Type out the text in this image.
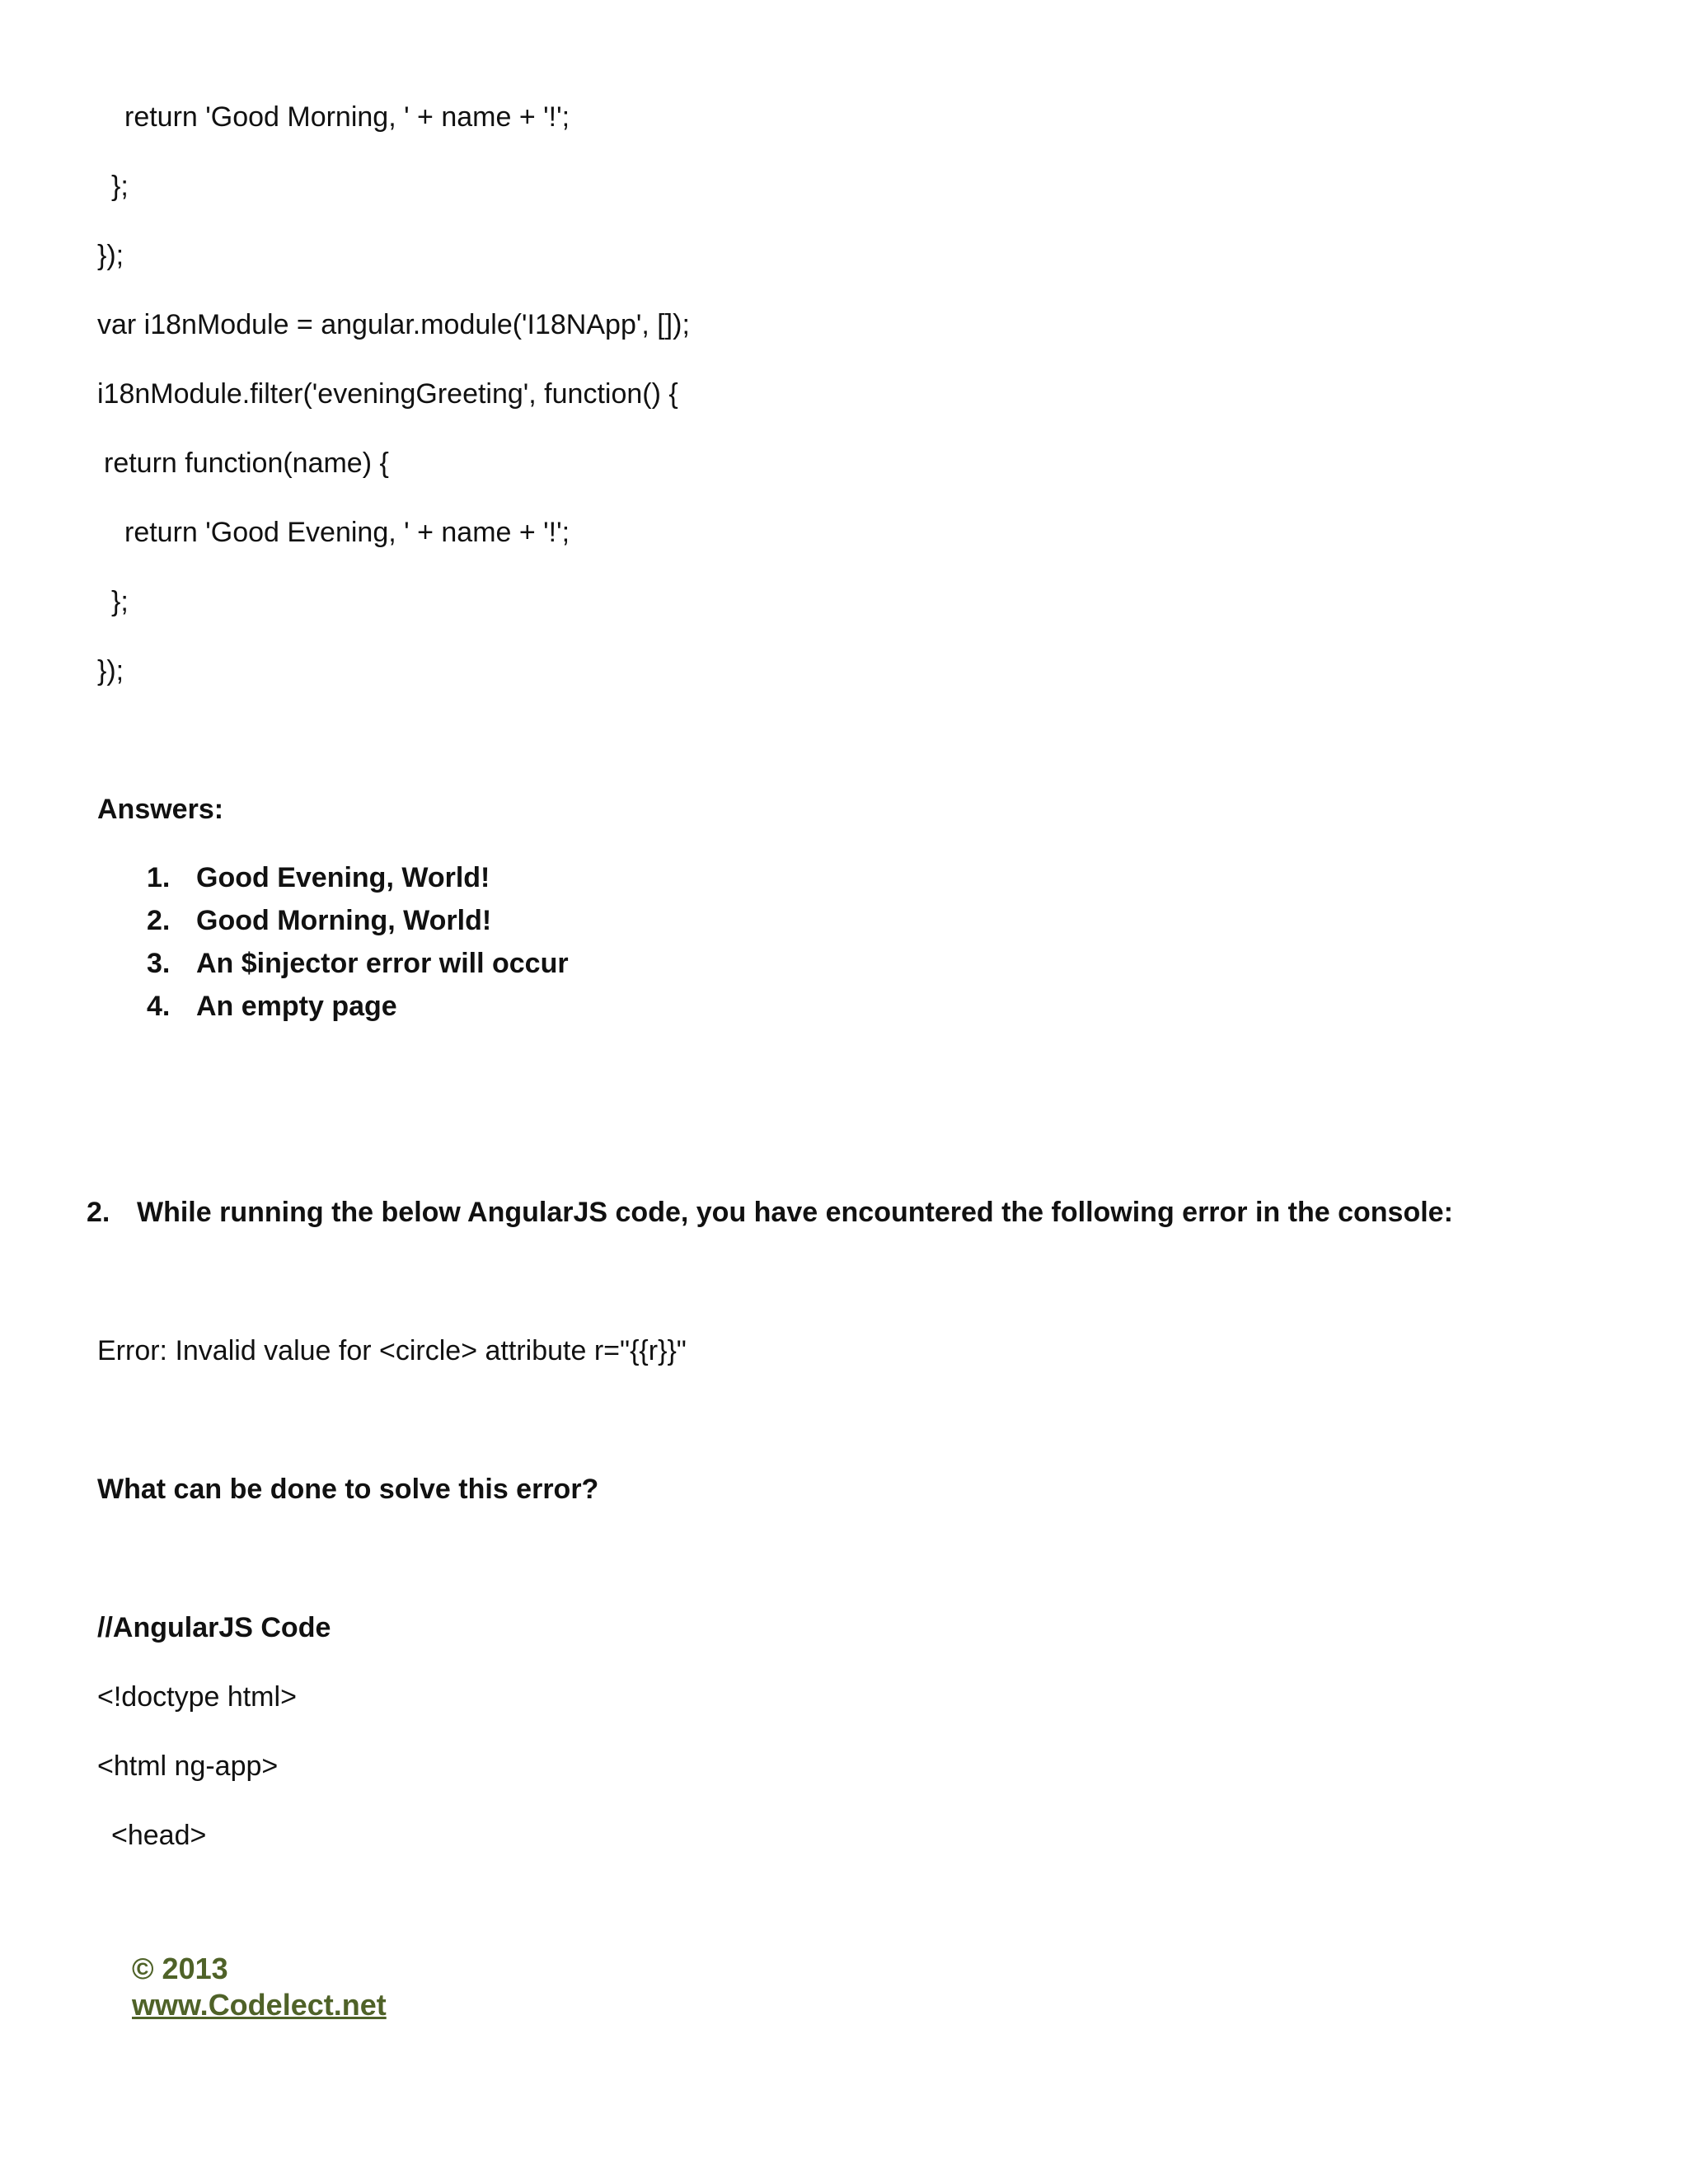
return 'Good Morning, ' + name + '!';
};
});
var i18nModule = angular.module('I18NApp', []);
i18nModule.filter('eveningGreeting', function() {
return function(name) {
return 'Good Evening, ' + name + '!';
};
});
Answers:

1.

Good Evening, World!

2.

Good Morning, World!

3.

An $injector error will occur

4.

An empty page

2.

While running the below AngularJS code, you have encountered the following error in the console:

Error: Invalid value for <circle> attribute r="{{r}}"
What can be done to solve this error?
//AngularJS Code
<!doctype html>
<html ng-app>
<head>

© 2013
www.Codelect.net
